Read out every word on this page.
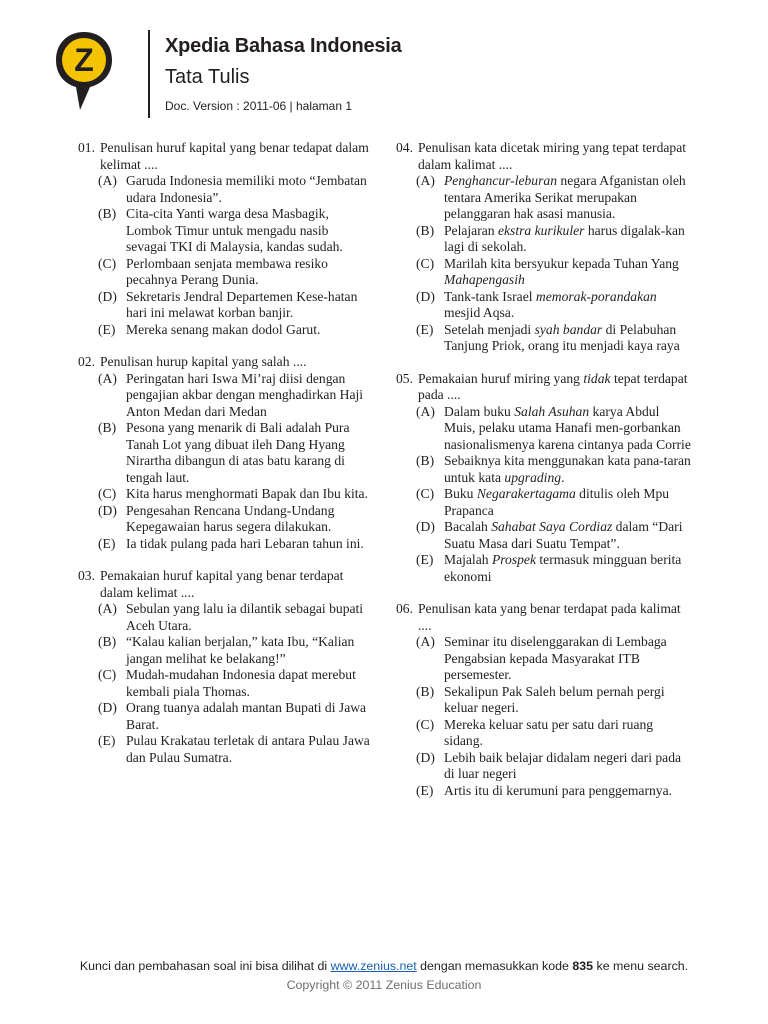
Z	Xpedia Bahasa Indonesia
Tata Tulis
Doc. Version : 2011-06 | halaman 1
01. Penulisan huruf kapital yang benar tedapat dalam kelimat ....
(A) Garuda Indonesia memiliki moto “Jembatan udara Indonesia”.
(B) Cita-cita Yanti warga desa Masbagik, Lombok Timur untuk mengadu nasib sevagai TKI di Malaysia, kandas sudah.
(C) Perlombaan senjata membawa resiko pecahnya Perang Dunia.
(D) Sekretaris Jendral Departemen Kese-hatan hari ini melawat korban banjir.
(E) Mereka senang makan dodol Garut.
02. Penulisan hurup kapital yang salah ....
(A) Peringatan hari Iswa Mi’raj diisi dengan pengajian akbar dengan menghadirkan Haji Anton Medan dari Medan
(B) Pesona yang menarik di Bali adalah Pura Tanah Lot yang dibuat ileh Dang Hyang Nirartha dibangun di atas batu karang di tengah laut.
(C) Kita harus menghormati Bapak dan Ibu kita.
(D) Pengesahan Rencana Undang-Undang Kepegawaian harus segera dilakukan.
(E) Ia tidak pulang pada hari Lebaran tahun ini.
03. Pemakaian huruf kapital yang benar terdapat dalam kelimat ....
(A) Sebulan yang lalu ia dilantik sebagai bupati Aceh Utara.
(B) “Kalau kalian berjalan,” kata Ibu, “Kalian jangan melihat ke belakang!”
(C) Mudah-mudahan Indonesia dapat merebut kembali piala Thomas.
(D) Orang tuanya adalah mantan Bupati di Jawa Barat.
(E) Pulau Krakatau terletak di antara Pulau Jawa dan Pulau Sumatra.
04. Penulisan kata dicetak miring yang tepat terdapat dalam kalimat ....
(A) Penghancur-leburan negara Afganistan oleh tentara Amerika Serikat merupakan pelanggaran hak asasi manusia.
(B) Pelajaran ekstra kurikuler harus digalak-kan lagi di sekolah.
(C) Marilah kita bersyukur kepada Tuhan Yang Mahapengasih
(D) Tank-tank Israel memorak-porandakan mesjid Aqsa.
(E) Setelah menjadi syah bandar di Pelabuhan Tanjung Priok, orang itu menjadi kaya raya
05. Pemakaian huruf miring yang tidak tepat terdapat pada ....
(A) Dalam buku Salah Asuhan karya Abdul Muis, pelaku utama Hanafi men-gorbankan nasionalismenya karena cintanya pada Corrie
(B) Sebaiknya kita menggunakan kata pana-taran untuk kata upgrading.
(C) Buku Negarakertagama ditulis oleh Mpu Prapanca
(D) Bacalah Sahabat Saya Cordiaz dalam “Dari Suatu Masa dari Suatu Tempat”.
(E) Majalah Prospek termasuk mingguan berita ekonomi
06. Penulisan kata yang benar terdapat pada kalimat ....
(A) Seminar itu diselenggarakan di Lembaga Pengabsian kepada Masyarakat ITB persemester.
(B) Sekalipun Pak Saleh belum pernah pergi keluar negeri.
(C) Mereka keluar satu per satu dari ruang sidang.
(D) Lebih baik belajar didalam negeri dari pada di luar negeri
(E) Artis itu di kerumuni para penggemarnya.
Kunci dan pembahasan soal ini bisa dilihat di www.zenius.net dengan memasukkan kode 835 ke menu search.
Copyright © 2011 Zenius Education
